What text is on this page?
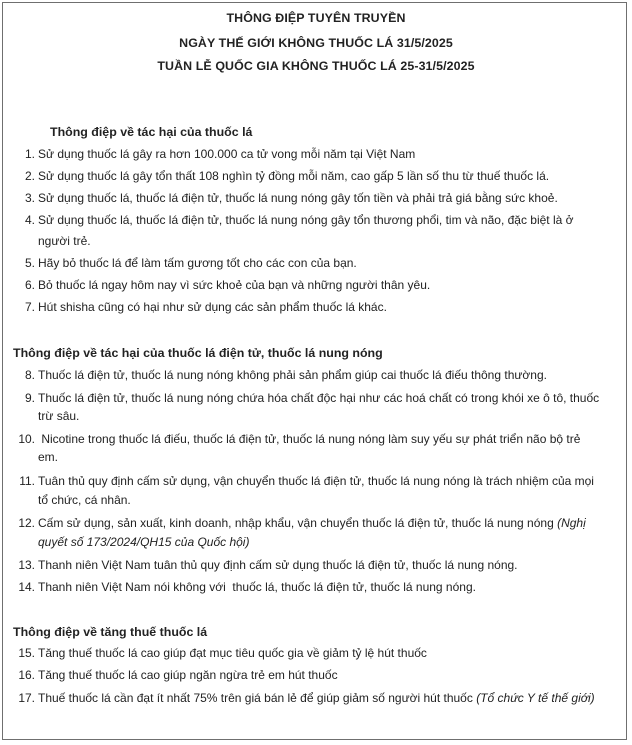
THÔNG ĐIỆP TUYÊN TRUYỀN
NGÀY THẾ GIỚI KHÔNG THUỐC LÁ 31/5/2025
TUẦN LỄ QUỐC GIA KHÔNG THUỐC LÁ 25-31/5/2025
Thông điệp về tác hại của thuốc lá
1. Sử dụng thuốc lá gây ra hơn 100.000 ca tử vong mỗi năm tại Việt Nam
2. Sử dụng thuốc lá gây tổn thất 108 nghìn tỷ đồng mỗi năm, cao gấp 5 lần số thu từ thuế thuốc lá.
3. Sử dụng thuốc lá, thuốc lá điện tử, thuốc lá nung nóng gây tốn tiền và phải trả giá bằng sức khoẻ.
4. Sử dụng thuốc lá, thuốc lá điện tử, thuốc lá nung nóng gây tổn thương phổi, tim và não, đặc biệt là ở
người trẻ.
5. Hãy bỏ thuốc lá để làm tấm gương tốt cho các con của bạn.
6. Bỏ thuốc lá ngay hôm nay vì sức khoẻ của bạn và những người thân yêu.
7. Hút shisha cũng có hại như sử dụng các sản phẩm thuốc lá khác.
Thông điệp về tác hại của thuốc lá điện tử, thuốc lá nung nóng
8. Thuốc lá điện tử, thuốc lá nung nóng không phải sản phẩm giúp cai thuốc lá điếu thông thường.
9. Thuốc lá điện tử, thuốc lá nung nóng chứa hóa chất độc hại như các hoá chất có trong khói xe ô tô, thuốc
trừ sâu.
10. Nicotine trong thuốc lá điếu, thuốc lá điện tử, thuốc lá nung nóng làm suy yếu sự phát triển não bộ trẻ
em.
11. Tuân thủ quy định cấm sử dụng, vận chuyển thuốc lá điện tử, thuốc lá nung nóng là trách nhiệm của mọi
tổ chức, cá nhân.
12. Cấm sử dụng, sản xuất, kinh doanh, nhập khẩu, vận chuyển thuốc lá điện tử, thuốc lá nung nóng (Nghị
quyết số 173/2024/QH15 của Quốc hội)
13. Thanh niên Việt Nam tuân thủ quy định cấm sử dụng thuốc lá điện tử, thuốc lá nung nóng.
14. Thanh niên Việt Nam nói không với  thuốc lá, thuốc lá điện tử, thuốc lá nung nóng.
Thông điệp về tăng thuế thuốc lá
15. Tăng thuế thuốc lá cao giúp đạt mục tiêu quốc gia về giảm tỷ lệ hút thuốc
16. Tăng thuế thuốc lá cao giúp ngăn ngừa trẻ em hút thuốc
17. Thuế thuốc lá cần đạt ít nhất 75% trên giá bán lẻ để giúp giảm số người hút thuốc (Tổ chức Y tế thế giới)
